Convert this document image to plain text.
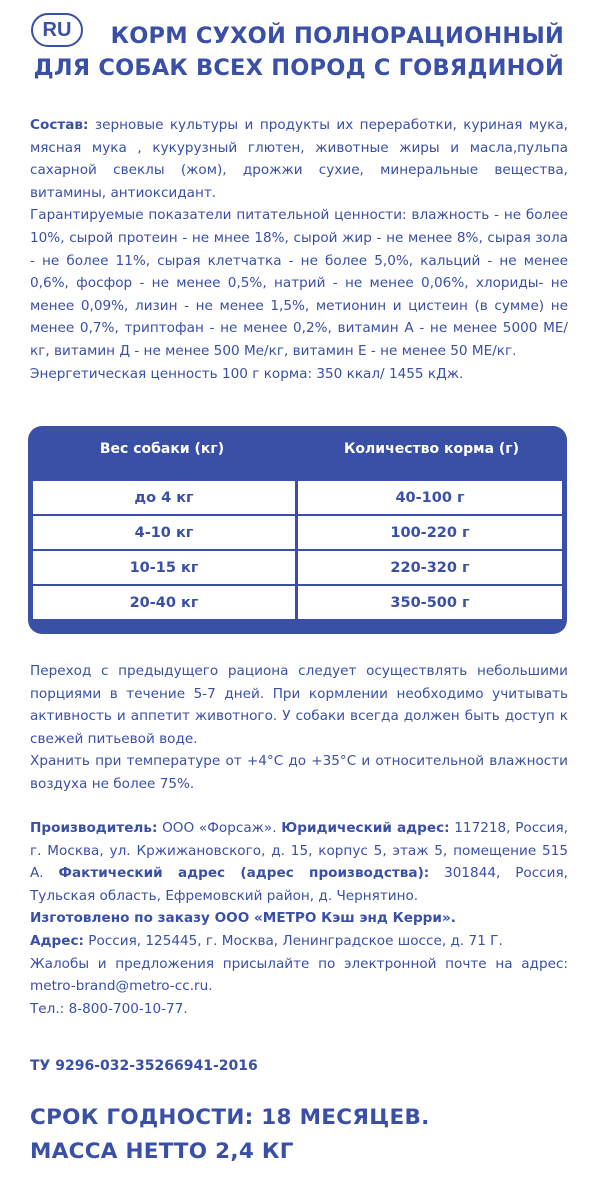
RU	КОРМ СУХОЙ ПОЛНОРАЦИОННЫЙ
ДЛЯ СОБАК ВСЕХ ПОРОД С ГОВЯДИНОЙ
Состав: зерновые культуры и продукты их переработки, куриная мука, мясная мука , кукурузный глютен, животные жиры и масла,пульпа сахарной свеклы (жом), дрожжи сухие, минеральные вещества, витамины, антиоксидант.
Гарантируемые показатели питательной ценности: влажность - не более 10%, сырой протеин - не мнее 18%, сырой жир - не менее 8%, сырая зола - не более 11%, сырая клетчатка - не более 5,0%, кальций - не менее 0,6%, фосфор - не менее 0,5%, натрий - не менее 0,06%, хлориды- не менее 0,09%, лизин - не менее 1,5%, метионин и цистеин (в сумме) не менее 0,7%, триптофан - не менее 0,2%, витамин А - не менее 5000 МЕ/кг, витамин Д - не менее 500 Ме/кг, витамин Е - не менее 50 МЕ/кг.
Энергетическая ценность 100 г корма: 350 ккал/ 1455 кДж.
Вес собаки (кг)	Количество корма (г)
до 4 кг	40-100 г
4-10 кг	100-220 г
10-15 кг	220-320 г
20-40 кг	350-500 г
Переход с предыдущего рациона следует осуществлять небольшими порциями в течение 5-7 дней. При кормлении необходимо учитывать активность и аппетит животного. У собаки всегда должен быть доступ к свежей питьевой воде.
Хранить при температуре от +4°С до +35°С и относительной влажности воздуха не более 75%.
Производитель: ООО «Форсаж». Юридический адрес: 117218, Россия, г. Москва, ул. Кржижановского, д. 15, корпус 5, этаж 5, помещение 515 А. Фактический адрес (адрес производства): 301844, Россия, Тульская область, Ефремовский район, д. Чернятино.
Изготовлено по заказу ООО «МЕТРО Кэш энд Керри».
Адрес: Россия, 125445, г. Москва, Ленинградское шоссе, д. 71 Г.
Жалобы и предложения присылайте по электронной почте на адрес: metro-brand@metro-cc.ru.
Тел.: 8-800-700-10-77.
ТУ 9296-032-35266941-2016
СРОК ГОДНОСТИ: 18 МЕСЯЦЕВ.
МАССА НЕТТО 2,4 КГ
